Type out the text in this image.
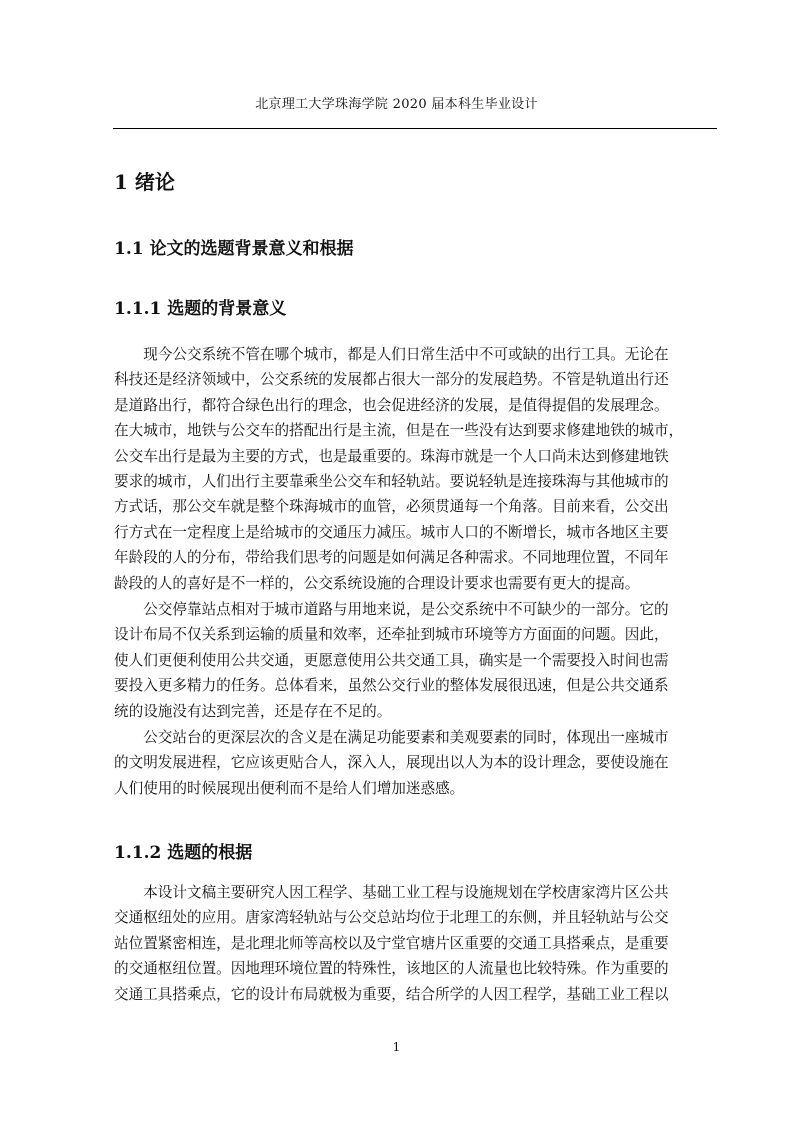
北京理工大学珠海学院 2020 届本科生毕业设计
1 绪论
1.1 论文的选题背景意义和根据
1.1.1 选题的背景意义
　　现今公交系统不管在哪个城市，都是人们日常生活中不可或缺的出行工具。无论在
科技还是经济领域中，公交系统的发展都占很大一部分的发展趋势。不管是轨道出行还
是道路出行，都符合绿色出行的理念，也会促进经济的发展，是值得提倡的发展理念。
在大城市，地铁与公交车的搭配出行是主流，但是在一些没有达到要求修建地铁的城市，
公交车出行是最为主要的方式，也是最重要的。珠海市就是一个人口尚未达到修建地铁
要求的城市，人们出行主要靠乘坐公交车和轻轨站。要说轻轨是连接珠海与其他城市的
方式话，那公交车就是整个珠海城市的血管，必须贯通每一个角落。目前来看，公交出
行方式在一定程度上是给城市的交通压力减压。城市人口的不断增长，城市各地区主要
年龄段的人的分布，带给我们思考的问题是如何满足各种需求。不同地理位置，不同年
龄段的人的喜好是不一样的，公交系统设施的合理设计要求也需要有更大的提高。
　　公交停靠站点相对于城市道路与用地来说，是公交系统中不可缺少的一部分。它的
设计布局不仅关系到运输的质量和效率，还牵扯到城市环境等方方面面的问题。因此，
使人们更便利使用公共交通，更愿意使用公共交通工具，确实是一个需要投入时间也需
要投入更多精力的任务。总体看来，虽然公交行业的整体发展很迅速，但是公共交通系
统的设施没有达到完善，还是存在不足的。
　　公交站台的更深层次的含义是在满足功能要素和美观要素的同时，体现出一座城市
的文明发展进程，它应该更贴合人，深入人，展现出以人为本的设计理念，要使设施在
人们使用的时候展现出便利而不是给人们增加迷惑感。
1.1.2 选题的根据
　　本设计文稿主要研究人因工程学、基础工业工程与设施规划在学校唐家湾片区公共
交通枢纽处的应用。唐家湾轻轨站与公交总站均位于北理工的东侧，并且轻轨站与公交
站位置紧密相连，是北理北师等高校以及宁堂官塘片区重要的交通工具搭乘点，是重要
的交通枢纽位置。因地理环境位置的特殊性，该地区的人流量也比较特殊。作为重要的
交通工具搭乘点，它的设计布局就极为重要，结合所学的人因工程学，基础工业工程以
1
